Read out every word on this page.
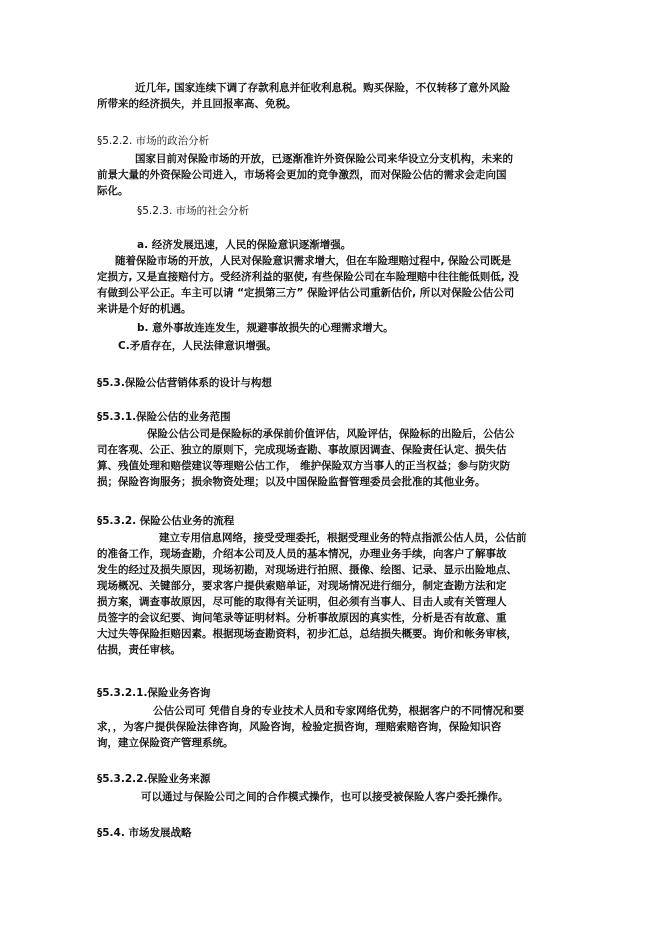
近几年, 国家连续下调了存款利息并征收利息税。购买保险，不仅转移了意外风险
所带来的经济损失，并且回报率高、免税。
§5.2.2. 市场的政治分析
国家目前对保险市场的开放，已逐渐准许外资保险公司来华设立分支机构，未来的
前景大量的外资保险公司进入，市场将会更加的竞争激烈，而对保险公估的需求会走向国
际化。
§5.2.3. 市场的社会分析
a. 经济发展迅速，人民的保险意识逐渐增强。
随着保险市场的开放，人民对保险意识需求增大，但在车险理赔过程中, 保险公司既是
定损方, 又是直接赔付方。受经济利益的驱使, 有些保险公司在车险理赔中往往能低则低, 没
有做到公平公正。车主可以请 “定损第三方” 保险评估公司重新估价, 所以对保险公估公司
来讲是个好的机遇。
b. 意外事故连连发生，规避事故损失的心理需求增大。
C.矛盾存在，人民法律意识增强。
§5.3.保险公估营销体系的设计与构想
§5.3.1.保险公估的业务范围
保险公估公司是保险标的承保前价值评估，风险评估，保险标的出险后，公估公
司在客观、公正、独立的原则下，完成现场查勘、事故原因调查、保险责任认定、损失估
算、残值处理和赔偿建议等理赔公估工作， 维护保险双方当事人的正当权益；参与防灾防
损；保险咨询服务；损余物资处理；以及中国保险监督管理委员会批准的其他业务。
§5.3.2. 保险公估业务的流程
建立专用信息网络，接受受理委托，根据受理业务的特点指派公估人员，公估前
的准备工作，现场查勘，介绍本公司及人员的基本情况，办理业务手续，向客户了解事故
发生的经过及损失原因，现场初勘，对现场进行拍照、摄像、绘图、记录、显示出险地点、
现场概况、关键部分，要求客户提供索赔单证，对现场情况进行细分，制定查勘方法和定
损方案，调查事故原因，尽可能的取得有关证明，但必须有当事人、目击人或有关管理人
员签字的会议纪要、询问笔录等证明材料。分析事故原因的真实性，分析是否有故意、重
大过失等保险拒赔因素。根据现场查勘资料，初步汇总，总结损失概要。询价和帐务审核，
估损，责任审核。
§5.3.2.1.保险业务咨询
公估公司可 凭借自身的专业技术人员和专家网络优势，根据客户的不同情况和要
求，，为客户提供保险法律咨询，风险咨询，检验定损咨询，理赔索赔咨询，保险知识咨
询，建立保险资产管理系统。
§5.3.2.2.保险业务来源
可以通过与保险公司之间的合作模式操作，也可以接受被保险人客户委托操作。
§5.4. 市场发展战略
